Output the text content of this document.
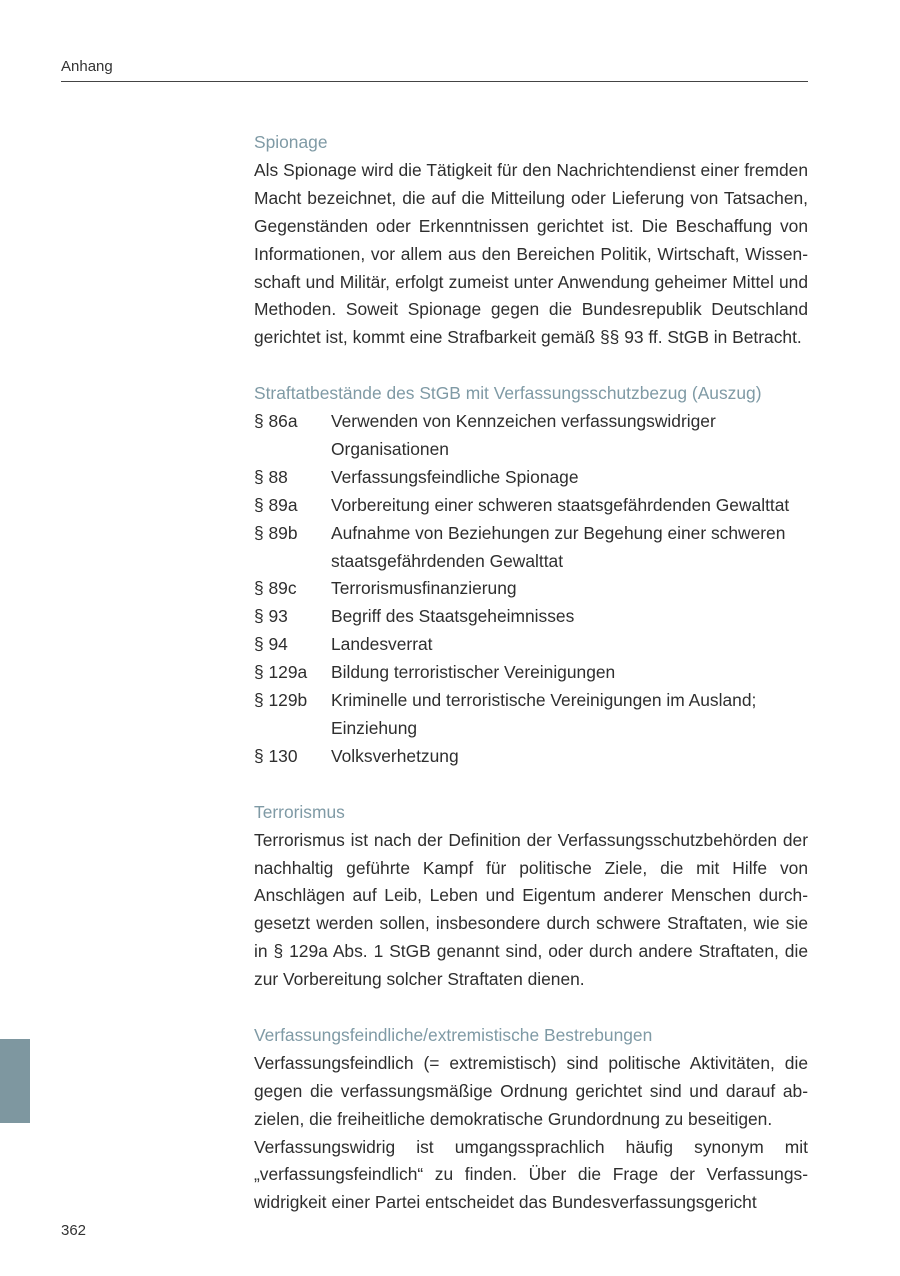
Anhang
Spionage
Als Spionage wird die Tätigkeit für den Nachrichtendienst einer fremden Macht bezeichnet, die auf die Mitteilung oder Lieferung von Tatsachen, Gegenständen oder Erkenntnissen gerichtet ist. Die Beschaffung von Informationen, vor allem aus den Bereichen Politik, Wirtschaft, Wissenschaft und Militär, erfolgt zumeist unter Anwendung geheimer Mittel und Methoden. Soweit Spionage gegen die Bundesrepublik Deutschland gerichtet ist, kommt eine Strafbarkeit gemäß §§ 93 ff. StGB in Betracht.
Straftatbestände des StGB mit Verfassungsschutzbezug (Auszug)
§ 86a	Verwenden von Kennzeichen verfassungswidriger Organisationen
§ 88	Verfassungsfeindliche Spionage
§ 89a	Vorbereitung einer schweren staatsgefährdenden Gewalttat
§ 89b	Aufnahme von Beziehungen zur Begehung einer schweren staatsgefährdenden Gewalttat
§ 89c	Terrorismusfinanzierung
§ 93	Begriff des Staatsgeheimnisses
§ 94	Landesverrat
§ 129a	Bildung terroristischer Vereinigungen
§ 129b	Kriminelle und terroristische Vereinigungen im Ausland; Einziehung
§ 130	Volksverhetzung
Terrorismus
Terrorismus ist nach der Definition der Verfassungsschutzbehörden der nachhaltig geführte Kampf für politische Ziele, die mit Hilfe von Anschlägen auf Leib, Leben und Eigentum anderer Menschen durchgesetzt werden sollen, insbesondere durch schwere Straftaten, wie sie in § 129a Abs. 1 StGB genannt sind, oder durch andere Straftaten, die zur Vorbereitung solcher Straftaten dienen.
Verfassungsfeindliche/extremistische Bestrebungen
Verfassungsfeindlich (= extremistisch) sind politische Aktivitäten, die gegen die verfassungsmäßige Ordnung gerichtet sind und darauf abzielen, die freiheitliche demokratische Grundordnung zu beseitigen.
Verfassungswidrig ist umgangssprachlich häufig synonym mit „verfassungsfeindlich“ zu finden. Über die Frage der Verfassungswidrigkeit einer Partei entscheidet das Bundesverfassungsgericht
362
